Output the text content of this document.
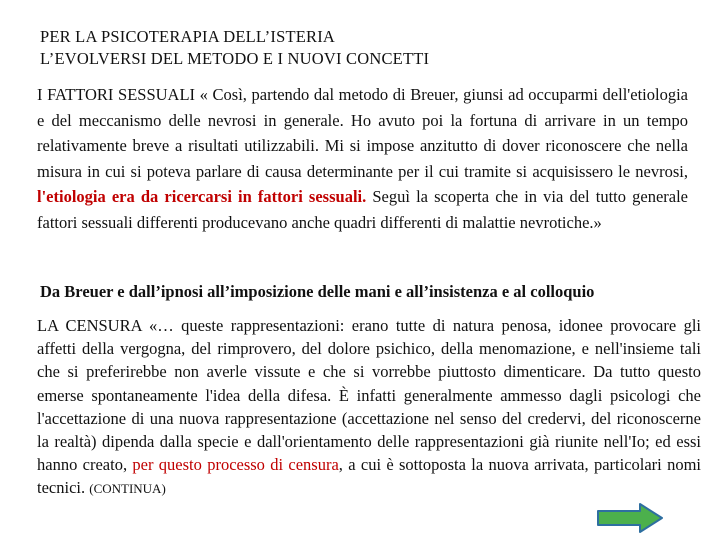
PER LA PSICOTERAPIA DELL’ISTERIA
L’EVOLVERSI DEL METODO E I NUOVI CONCETTI
I FATTORI SESSUALI « Così, partendo dal metodo di Breuer, giunsi ad occuparmi dell'etiologia e del meccanismo delle nevrosi in generale. Ho avuto poi la fortuna di arrivare in un tempo relativamente breve a risultati utilizzabili. Mi si impose anzitutto di dover riconoscere che nella misura in cui si poteva parlare di causa determinante per il cui tramite si acquisissero le nevrosi, l'etiologia era da ricercarsi in fattori sessuali. Seguì la scoperta che in via del tutto generale fattori sessuali differenti producevano anche quadri differenti di malattie nevrotiche.»
Da Breuer e dall’ipnosi all’imposizione delle mani e all’insistenza e al colloquio
LA CENSURA «… queste rappresentazioni: erano tutte di natura penosa, idonee provocare gli affetti della vergogna, del rimprovero, del dolore psichico, della menomazione, e nell'insieme tali che si preferirebbe non averle vissute e che si vorrebbe piuttosto dimenticare. Da tutto questo emerse spontaneamente l'idea della difesa. È infatti generalmente ammesso dagli psicologi che l'accettazione di una nuova rappresentazione (accettazione nel senso del credervi, del riconoscerne la realtà) dipenda dalla specie e dall'orientamento delle rappresentazioni già riunite nell'Io; ed essi hanno creato, per questo processo di censura, a cui è sottoposta la nuova arrivata, particolari nomi tecnici. (CONTINUA)
